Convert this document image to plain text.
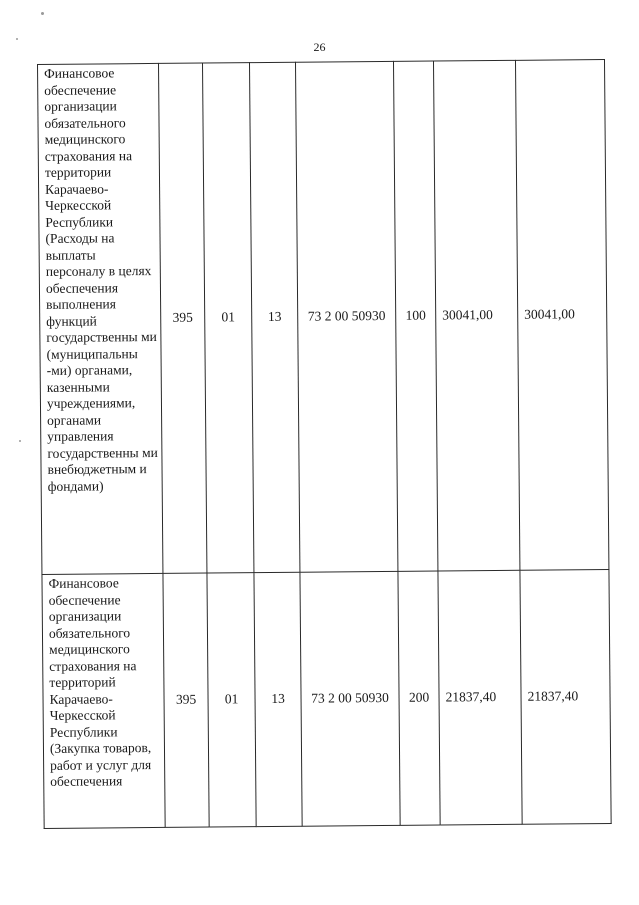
26
Финансовое обеспечение организации обязательного медицинского страхования на территории Карачаево-Черкесской Республики (Расходы на выплаты персоналу в целях обеспечения выполнения функций государственны ми (муниципальны -ми) органами, казенными учреждениями, органами управления государственны ми внебюджетным и фондами)	395	01	13	73 2 00 50930	100	30041,00	30041,00
Финансовое обеспечение организации обязательного медицинского страхования на территорий Карачаево-Черкесской Республики (Закупка товаров, работ и услуг для обеспечения	395	01	13	73 2 00 50930	200	21837,40	21837,40
